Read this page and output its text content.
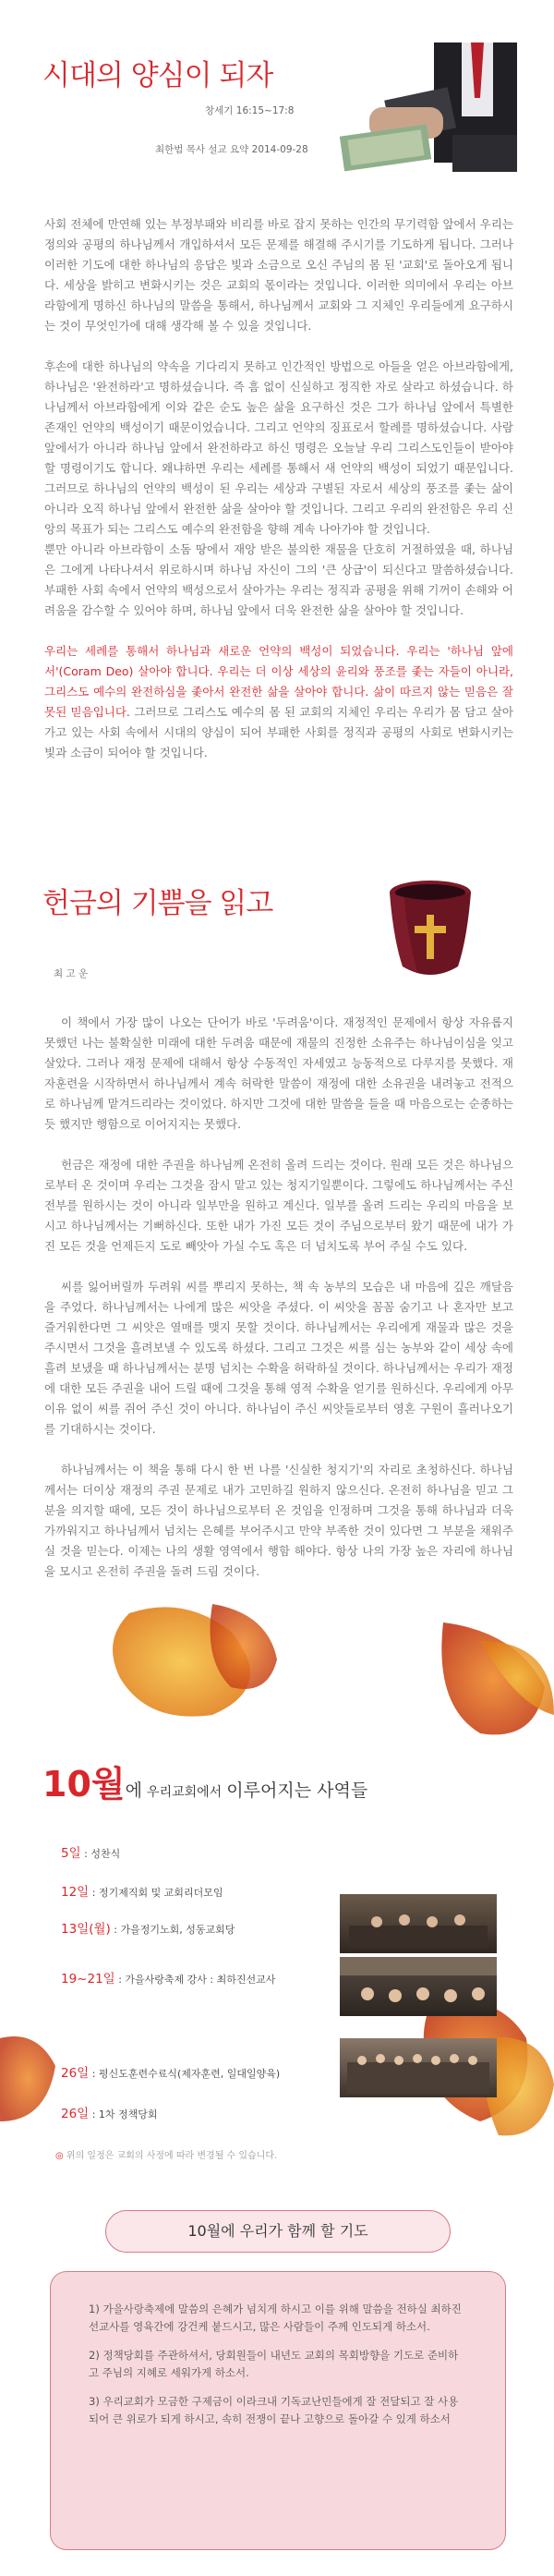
시대의 양심이 되자
창세기 16:15~17:8
최한범 목사 설교 요약 2014-09-28

사회 전체에 만연해 있는 부정부패와 비리를 바로 잡지 못하는 인간의 무기력함 앞에서 우리는 정의와 공평의 하나님께서 개입하셔서 모든 문제를 해결해 주시기를 기도하게 됩니다. 그러나 이러한 기도에 대한 하나님의 응답은 빛과 소금으로 오신 주님의 몸 된 '교회'로 돌아오게 됩니다. 세상을 밝히고 변화시키는 것은 교회의 몫이라는 것입니다. 이러한 의미에서 우리는 아브라함에게 명하신 하나님의 말씀을 통해서, 하나님께서 교회와 그 지체인 우리들에게 요구하시는 것이 무엇인가에 대해 생각해 볼 수 있을 것입니다.

후손에 대한 하나님의 약속을 기다리지 못하고 인간적인 방법으로 아들을 얻은 아브라함에게, 하나님은 '완전하라'고 명하셨습니다. 즉 흠 없이 신실하고 정직한 자로 살라고 하셨습니다. 하나님께서 아브라함에게 이와 같은 순도 높은 삶을 요구하신 것은 그가 하나님 앞에서 특별한 존재인 언약의 백성이기 때문이었습니다. 그리고 언약의 징표로서 할례를 명하셨습니다. 사람 앞에서가 아니라 하나님 앞에서 완전하라고 하신 명령은 오늘날 우리 그리스도인들이 받아야 할 명령이기도 합니다. 왜냐하면 우리는 세례를 통해서 새 언약의 백성이 되었기 때문입니다. 그러므로 하나님의 언약의 백성이 된 우리는 세상과 구별된 자로서 세상의 풍조를 좇는 삶이 아니라 오직 하나님 앞에서 완전한 삶을 살아야 할 것입니다. 그리고 우리의 완전함은 우리 신앙의 목표가 되는 그리스도 예수의 완전함을 향해 계속 나아가야 할 것입니다.

뿐만 아니라 아브라함이 소돔 땅에서 재앙 받은 불의한 재물을 단호히 거절하였을 때, 하나님은 그에게 나타나셔서 위로하시며 하나님 자신이 그의 '큰 상급'이 되신다고 말씀하셨습니다. 부패한 사회 속에서 언약의 백성으로서 살아가는 우리는 정직과 공평을 위해 기꺼이 손해와 어려움을 감수할 수 있어야 하며, 하나님 앞에서 더욱 완전한 삶을 살아야 할 것입니다.

우리는 세례를 통해서 하나님과 새로운 언약의 백성이 되었습니다. 우리는 '하나님 앞에서'(Coram Deo) 살아야 합니다. 우리는 더 이상 세상의 윤리와 풍조를 좇는 자들이 아니라, 그리스도 예수의 완전하심을 좇아서 완전한 삶을 살아야 합니다. 삶이 따르지 않는 믿음은 잘못된 믿음입니다. 그러므로 그리스도 예수의 몸 된 교회의 지체인 우리는 우리가 몸 담고 살아가고 있는 사회 속에서 시대의 양심이 되어 부패한 사회를 정직과 공평의 사회로 변화시키는 빛과 소금이 되어야 할 것입니다.

헌금의 기쁨을 읽고
최 고 운

이 책에서 가장 많이 나오는 단어가 바로 '두려움'이다. 재정적인 문제에서 항상 자유롭지 못했던 나는 불확실한 미래에 대한 두려움 때문에 재물의 진정한 소유주는 하나님이심을 잊고 살았다. 그러나 재정 문제에 대해서 항상 수동적인 자세였고 능동적으로 다루지를 못했다. 재자훈련을 시작하면서 하나님께서 계속 허락한 말씀이 재정에 대한 소유권을 내려놓고 전적으로 하나님께 맡겨드리라는 것이었다. 하지만 그것에 대한 말씀을 들을 때 마음으로는 순종하는 듯 했지만 행함으로 이어지지는 못했다.

헌금은 재정에 대한 주권을 하나님께 온전히 올려 드리는 것이다. 원래 모든 것은 하나님으로부터 온 것이며 우리는 그것을 잠시 맡고 있는 청지기일뿐이다. 그렇에도 하나님께서는 주신 전부를 원하시는 것이 아니라 일부만을 원하고 계신다. 일부를 올려 드리는 우리의 마음을 보시고 하나님께서는 기뻐하신다. 또한 내가 가진 모든 것이 주님으로부터 왔기 때문에 내가 가진 모든 것을 언제든지 도로 빼앗아 가실 수도 혹은 더 넘치도록 부어 주실 수도 있다.

씨를 잃어버릴까 두려워 씨를 뿌리지 못하는, 책 속 농부의 모습은 내 마음에 깊은 깨달음을 주었다. 하나님께서는 나에게 많은 씨앗을 주셨다. 이 씨앗을 꼼꼼 숨기고 나 혼자만 보고 즐거워한다면 그 씨앗은 열매를 맺지 못할 것이다. 하나님께서는 우리에게 재물과 많은 것을 주시면서 그것을 흘려보낼 수 있도록 하셨다. 그리고 그것은 씨를 심는 농부와 같이 세상 속에 흘려 보냈을 때 하나님께서는 분명 넘치는 수확을 허락하실 것이다. 하나님께서는 우리가 재정에 대한 모든 주권을 내어 드릴 때에 그것을 통해 영적 수확을 얻기를 원하신다. 우리에게 아무 이유 없이 씨를 쥐어 주신 것이 아니다. 하나님이 주신 씨앗들로부터 영혼 구원이 흘러나오기를 기대하시는 것이다.

하나님께서는 이 책을 통해 다시 한 번 나를 '신실한 청지기'의 자리로 초청하신다. 하나님께서는 더이상 재정의 주권 문제로 내가 고민하길 원하지 않으신다. 온전히 하나님을 믿고 그분을 의지할 때에, 모든 것이 하나님으로부터 온 것임을 인정하며 그것을 통해 하나님과 더욱 가까워지고 하나님께서 넘치는 은혜를 부어주시고 만약 부족한 것이 있다면 그 부분을 채워주실 것을 믿는다. 이제는 나의 생활 영역에서 행함 해야다. 항상 나의 가장 높은 자리에 하나님을 모시고 온전히 주권을 돌려 드림 것이다.

10월에 우리교회에서 이루어지는 사역들
5일 : 성찬식
12일 : 정기제직회 및 교회리더모임
13일(월) : 가을정기노회, 성동교회당
19~21일 : 가을사랑축제 강사 : 최하진선교사
26일 : 평신도훈련수료식(제자훈련, 일대일양육)
26일 : 1차 정책당회
◎ 위의 일정은 교회의 사정에 따라 변경될 수 있습니다.
10월에 우리가 함께 할 기도

1) 가을사랑축제에 말씀의 은혜가 넘치게 하시고 이를 위해 말씀을 전하실 최하진선교사를 영육간에 강건케 붙드시고, 많은 사람들이 주께 인도되게 하소서.

2) 정책당회를 주관하셔서, 당회원들이 내년도 교회의 목회방향을 기도로 준비하고 주님의 지혜로 세워가게 하소서.

3) 우리교회가 모금한 구제금이 이라크내 기독교난민들에게 잘 전달되고 잘 사용되어 큰 위로가 되게 하시고, 속히 전쟁이 끝나 고향으로 돌아갈 수 있게 하소서
